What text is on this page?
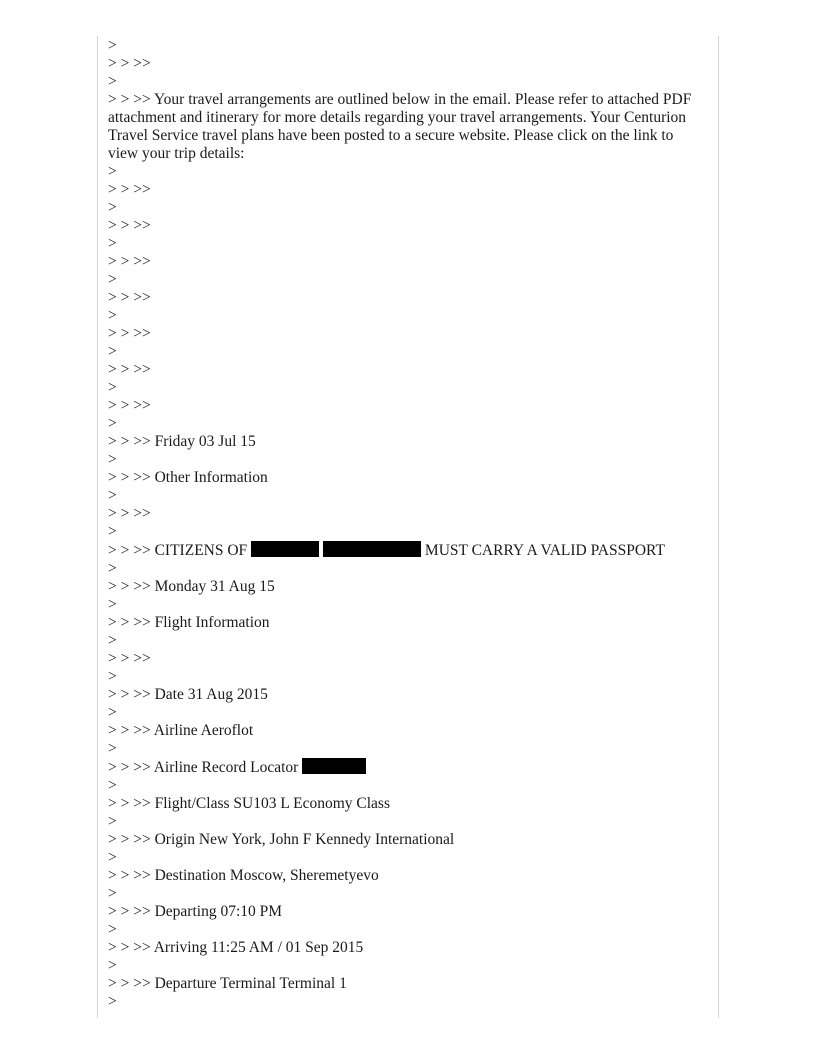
>
> > >>
>
> > >> Your travel arrangements are outlined below in the email. Please refer to attached PDF attachment and itinerary for more details regarding your travel arrangements. Your Centurion Travel Service travel plans have been posted to a secure website. Please click on the link to view your trip details:
>
> > >>
>
> > >>
>
> > >>
>
> > >>
>
> > >>
>
> > >>
>
> > >>
>
> > >> Friday 03 Jul 15
>
> > >> Other Information
>
> > >>
>
> > >> CITIZENS OF	MUST CARRY A VALID PASSPORT
>
> > >> Monday 31 Aug 15
>
> > >> Flight Information
>
> > >>
>
> > >> Date 31 Aug 2015
>
> > >> Airline Aeroflot
>
> > >> Airline Record Locator
>
> > >> Flight/Class SU103 L Economy Class
>
> > >> Origin New York, John F Kennedy International
>
> > >> Destination Moscow, Sheremetyevo
>
> > >> Departing 07:10 PM
>
> > >> Arriving 11:25 AM / 01 Sep 2015
>
> > >> Departure Terminal Terminal 1
>
